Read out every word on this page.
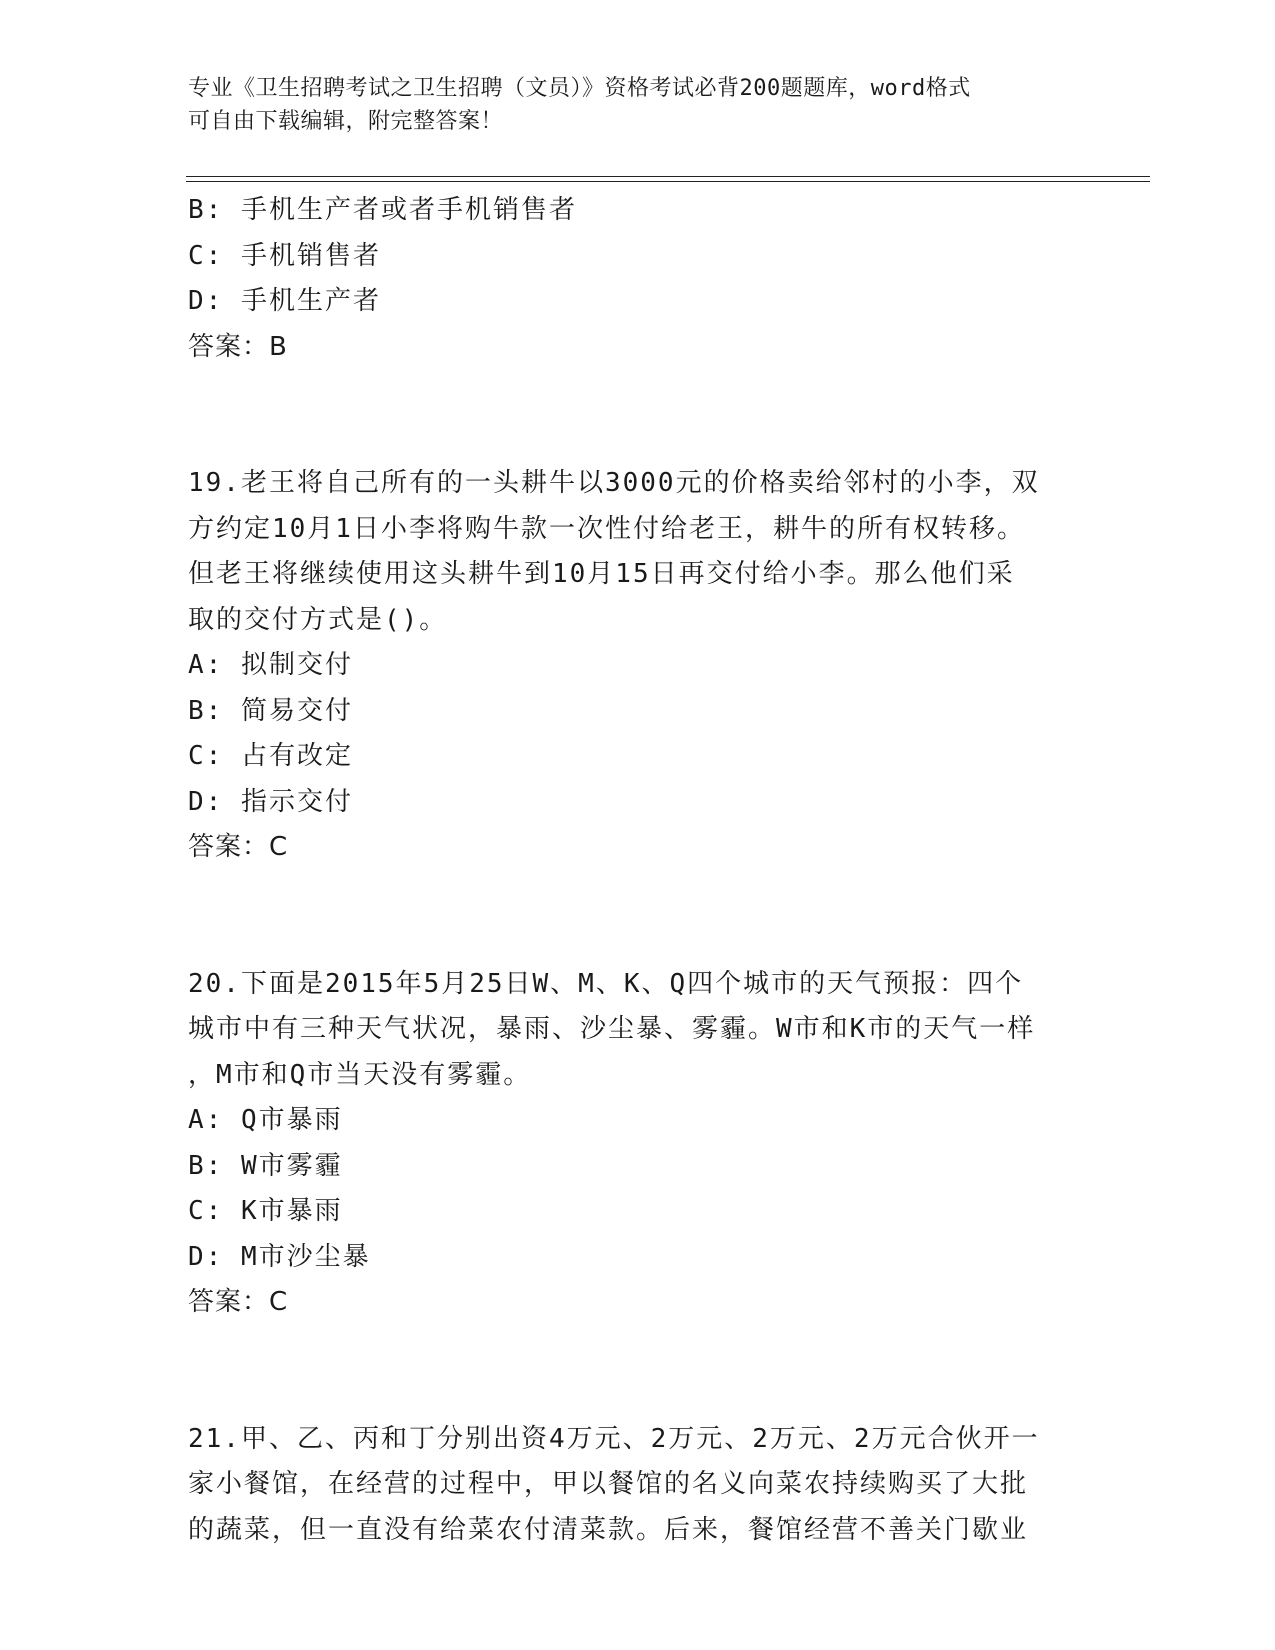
专业《卫生招聘考试之卫生招聘（文员）》资格考试必背200题题库，word格式
可自由下载编辑，附完整答案！
B: 手机生产者或者手机销售者
C: 手机销售者
D: 手机生产者
答案：B
19.老王将自己所有的一头耕牛以3000元的价格卖给邻村的小李，双
方约定10月1日小李将购牛款一次性付给老王，耕牛的所有权转移。
但老王将继续使用这头耕牛到10月15日再交付给小李。那么他们采
取的交付方式是()。
A: 拟制交付
B: 简易交付
C: 占有改定
D: 指示交付
答案：C
20.下面是2015年5月25日W、M、K、Q四个城市的天气预报：四个
城市中有三种天气状况，暴雨、沙尘暴、雾霾。W市和K市的天气一样
，M市和Q市当天没有雾霾。
A: Q市暴雨
B: W市雾霾
C: K市暴雨
D: M市沙尘暴
答案：C
21.甲、乙、丙和丁分别出资4万元、2万元、2万元、2万元合伙开一
家小餐馆，在经营的过程中，甲以餐馆的名义向菜农持续购买了大批
的蔬菜，但一直没有给菜农付清菜款。后来，餐馆经营不善关门歇业
